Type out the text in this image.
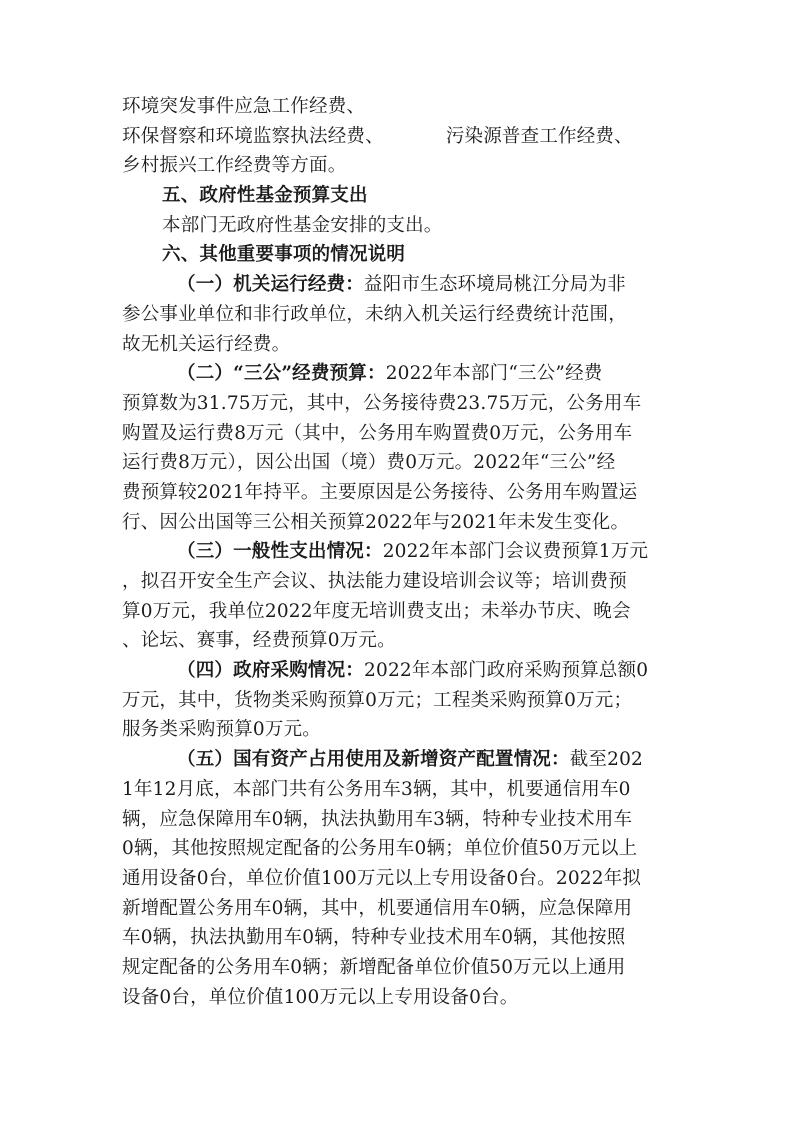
环境突发事件应急工作经费、
环保督察和环境监察执法经费、	污染源普查工作经费、
乡村振兴工作经费等方面。
五、政府性基金预算支出
本部门无政府性基金安排的支出。
六、其他重要事项的情况说明
（一）机关运行经费：益阳市生态环境局桃江分局为非
参公事业单位和非行政单位，未纳入机关运行经费统计范围，
故无机关运行经费。
（二）“三公”经费预算：2022年本部门“三公”经费
预算数为31.75万元，其中，公务接待费23.75万元，公务用车
购置及运行费8万元（其中，公务用车购置费0万元，公务用车
运行费8万元），因公出国（境）费0万元。2022年“三公”经
费预算较2021年持平。主要原因是公务接待、公务用车购置运
行、因公出国等三公相关预算2022年与2021年未发生变化。
（三）一般性支出情况：2022年本部门会议费预算1万元
，拟召开安全生产会议、执法能力建设培训会议等；培训费预
算0万元，我单位2022年度无培训费支出；未举办节庆、晚会
、论坛、赛事，经费预算0万元。
（四）政府采购情况：2022年本部门政府采购预算总额0
万元，其中，货物类采购预算0万元；工程类采购预算0万元；
服务类采购预算0万元。
（五）国有资产占用使用及新增资产配置情况：截至202
1年12月底，本部门共有公务用车3辆，其中，机要通信用车0
辆，应急保障用车0辆，执法执勤用车3辆，特种专业技术用车
0辆，其他按照规定配备的公务用车0辆；单位价值50万元以上
通用设备0台，单位价值100万元以上专用设备0台。2022年拟
新增配置公务用车0辆，其中，机要通信用车0辆，应急保障用
车0辆，执法执勤用车0辆，特种专业技术用车0辆，其他按照
规定配备的公务用车0辆；新增配备单位价值50万元以上通用
设备0台，单位价值100万元以上专用设备0台。
